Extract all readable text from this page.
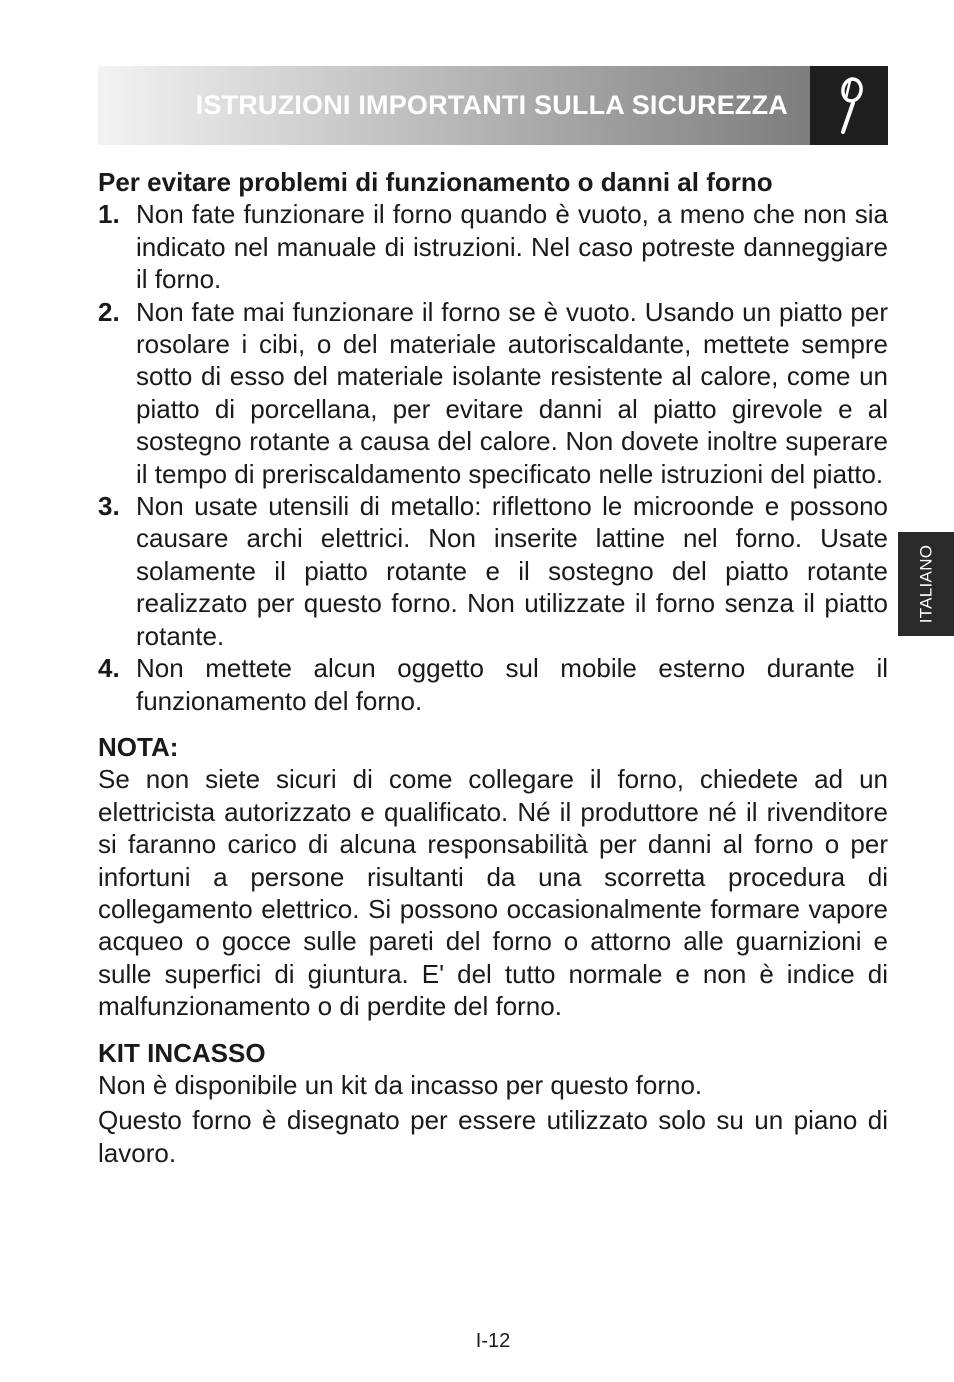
ISTRUZIONI IMPORTANTI SULLA SICUREZZA
ITALIANO
Per evitare problemi di funzionamento o danni al forno
1. Non fate funzionare il forno quando è vuoto, a meno che non sia indicato nel manuale di istruzioni. Nel caso potreste danneggiare il forno.
2. Non fate mai funzionare il forno se è vuoto. Usando un piatto per rosolare i cibi, o del materiale autoriscaldante, mettete sempre sotto di esso del materiale isolante resistente al calore, come un piatto di porcellana, per evitare danni al piatto girevole e al sostegno rotante a causa del calore. Non dovete inoltre superare il tempo di preriscaldamento specificato nelle istruzioni del piatto.
3. Non usate utensili di metallo: riflettono le microonde e possono causare archi elettrici. Non inserite lattine nel forno. Usate solamente il piatto rotante e il sostegno del piatto rotante realizzato per questo forno. Non utilizzate il forno senza il piatto rotante.
4. Non mettete alcun oggetto sul mobile esterno durante il funzionamento del forno.
NOTA:

Se non siete sicuri di come collegare il forno, chiedete ad un elettricista autorizzato e qualificato. Né il produttore né il rivenditore si faranno carico di alcuna responsabilità per danni al forno o per infortuni a persone risultanti da una scorretta procedura di collegamento elettrico. Si possono occasionalmente formare vapore acqueo o gocce sulle pareti del forno o attorno alle guarnizioni e sulle superfici di giuntura. E' del tutto normale e non è indice di malfunzionamento o di perdite del forno.

KIT INCASSO

Non è disponibile un kit da incasso per questo forno.

Questo forno è disegnato per essere utilizzato solo su un piano di lavoro.

I-12
